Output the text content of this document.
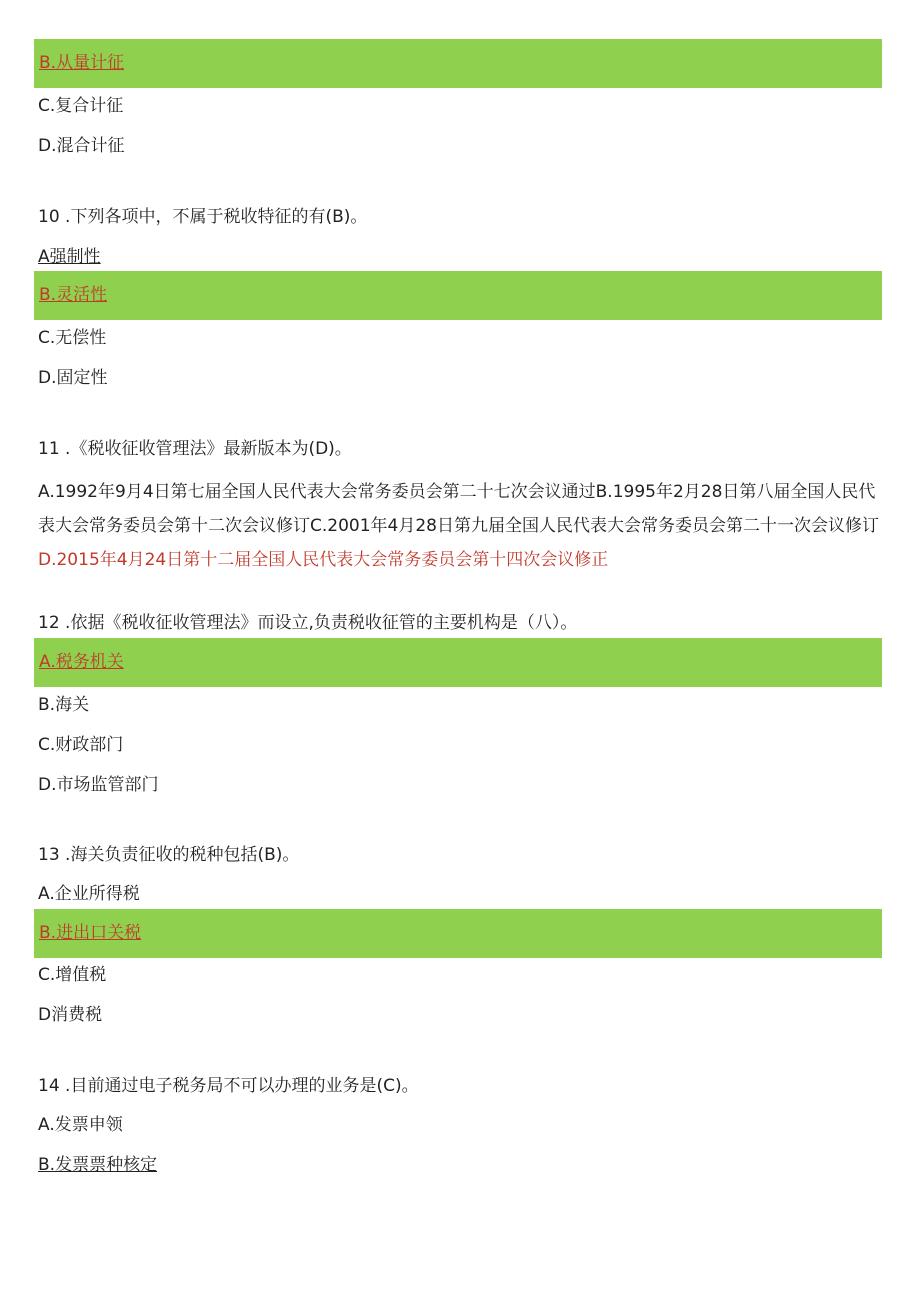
B.从量计征
C.复合计征
D.混合计征
10 .下列各项中，不属于税收特征的有(B)。
A强制性
B.灵活性
C.无偿性
D.固定性
11 .《税收征收管理法》最新版本为(D)。
A.1992年9月4日第七届全国人民代表大会常务委员会第二十七次会议通过B.1995年2月28日第八届全国人民代表大会常务委员会第十二次会议修订C.2001年4月28日第九届全国人民代表大会常务委员会第二十一次会议修订D.2015年4月24日第十二届全国人民代表大会常务委员会第十四次会议修正
12 .依据《税收征收管理法》而设立,负责税收征管的主要机构是（八）。
A.税务机关
B.海关
C.财政部门
D.市场监管部门
13 .海关负责征收的税种包括(B)。
A.企业所得税
B.进出口关税
C.增值税
D消费税
14 .目前通过电子税务局不可以办理的业务是(C)。
A.发票申领
B.发票票种核定
